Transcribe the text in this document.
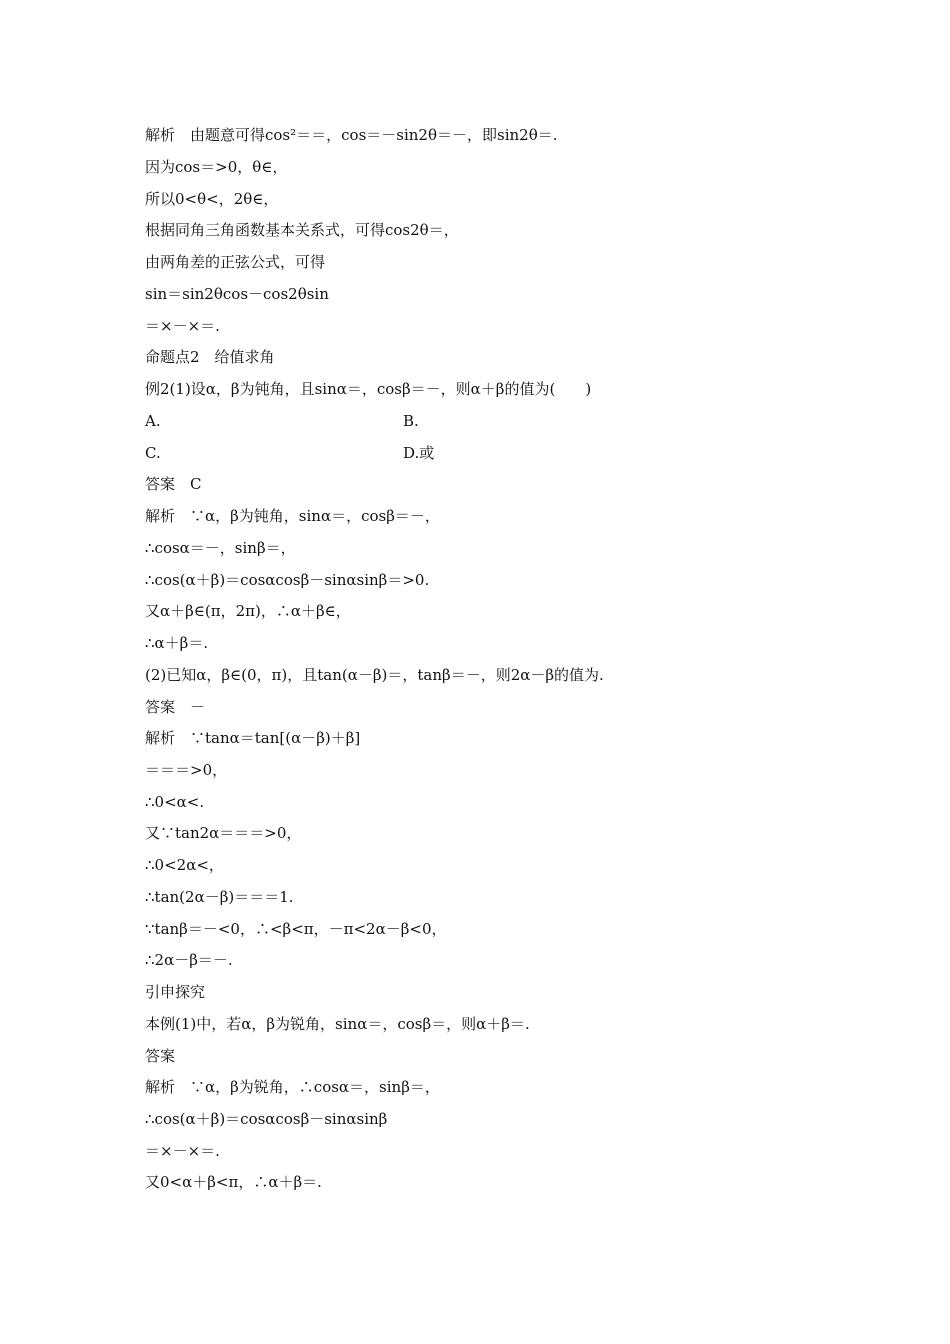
解析　由题意可得cos²＝＝，cos＝－sin2θ＝－，即sin2θ＝.
因为cos＝>0，θ∈，
所以0<θ<，2θ∈，
根据同角三角函数基本关系式，可得cos2θ＝，
由两角差的正弦公式，可得
sin＝sin2θcos－cos2θsin
＝×－×＝.
命题点2　给值求角
例2(1)设α，β为钝角，且sinα＝，cosβ＝－，则α＋β的值为(　　)
A.	B.
C.	D.或
答案　C
解析　∵α，β为钝角，sinα＝，cosβ＝－，
∴cosα＝－，sinβ＝，
∴cos(α＋β)＝cosαcosβ－sinαsinβ＝>0.
又α＋β∈(π，2π)，∴α＋β∈，
∴α＋β＝.
(2)已知α，β∈(0，π)，且tan(α－β)＝，tanβ＝－，则2α－β的值为.
答案　－
解析　∵tanα＝tan[(α－β)＋β]
＝＝＝>0，
∴0<α<.
又∵tan2α＝＝＝>0，
∴0<2α<，
∴tan(2α－β)＝＝＝1.
∵tanβ＝－<0，∴<β<π，－π<2α－β<0，
∴2α－β＝－.
引申探究
本例(1)中，若α，β为锐角，sinα＝，cosβ＝，则α＋β＝.
答案
解析　∵α，β为锐角，∴cosα＝，sinβ＝，
∴cos(α＋β)＝cosαcosβ－sinαsinβ
＝×－×＝.
又0<α＋β<π，∴α＋β＝.
